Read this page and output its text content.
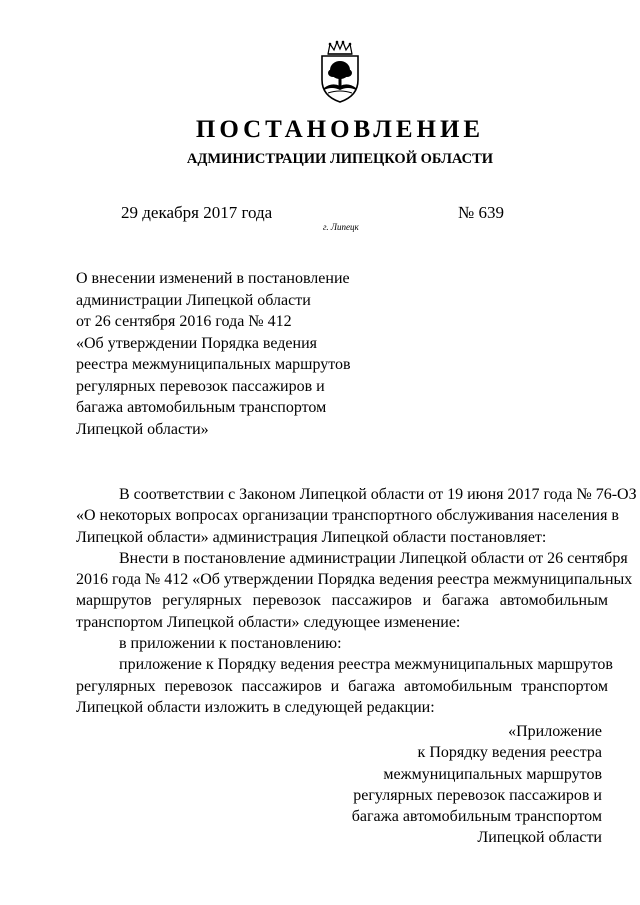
ПОСТАНОВЛЕНИЕ
АДМИНИСТРАЦИИ ЛИПЕЦКОЙ ОБЛАСТИ
29 декабря 2017 года
г. Липецк
№ 639
О внесении изменений в постановление
администрации Липецкой области
от 26 сентября 2016 года № 412
«Об утверждении Порядка ведения
реестра межмуниципальных маршрутов
регулярных перевозок пассажиров и
багажа автомобильным транспортом
Липецкой области»
В соответствии с Законом Липецкой области от 19 июня 2017 года № 76-ОЗ
«О некоторых вопросах организации транспортного обслуживания населения в
Липецкой области» администрация Липецкой области постановляет:
Внести в постановление администрации Липецкой области от 26 сентября
2016 года № 412 «Об утверждении Порядка ведения реестра межмуниципальных
маршрутов регулярных перевозок пассажиров и багажа автомобильным
транспортом Липецкой области» следующее изменение:
в приложении к постановлению:
приложение к Порядку ведения реестра межмуниципальных маршрутов
регулярных перевозок пассажиров и багажа автомобильным транспортом
Липецкой области изложить в следующей редакции:
«Приложение
к Порядку ведения реестра
межмуниципальных маршрутов
регулярных перевозок пассажиров и
багажа автомобильным транспортом
Липецкой области
